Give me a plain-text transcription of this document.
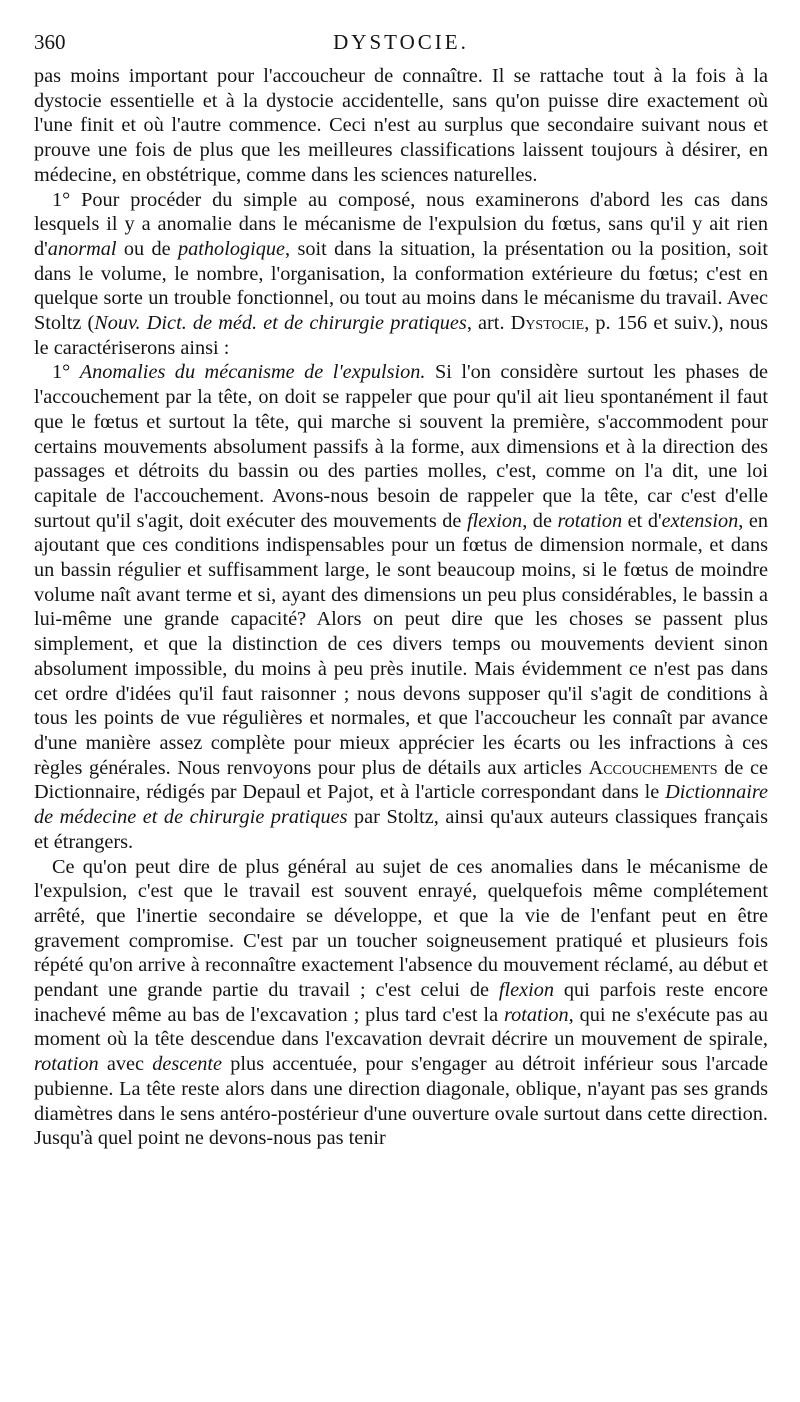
360	DYSTOCIE.

pas moins important pour l'accoucheur de connaître. Il se rattache tout à la fois à la dystocie essentielle et à la dystocie accidentelle, sans qu'on puisse dire exactement où l'une finit et où l'autre commence. Ceci n'est au surplus que secondaire suivant nous et prouve une fois de plus que les meilleures classifications laissent toujours à désirer, en médecine, en obstétrique, comme dans les sciences naturelles.

1° Pour procéder du simple au composé, nous examinerons d'abord les cas dans lesquels il y a anomalie dans le mécanisme de l'expulsion du fœtus, sans qu'il y ait rien d'anormal ou de pathologique, soit dans la situation, la présentation ou la position, soit dans le volume, le nombre, l'organisation, la conformation extérieure du fœtus; c'est en quelque sorte un trouble fonctionnel, ou tout au moins dans le mécanisme du travail. Avec Stoltz (Nouv. Dict. de méd. et de chirurgie pratiques, art. Dystocie, p. 156 et suiv.), nous le caractériserons ainsi :

1° Anomalies du mécanisme de l'expulsion. Si l'on considère surtout les phases de l'accouchement par la tête, on doit se rappeler que pour qu'il ait lieu spontanément il faut que le fœtus et surtout la tête, qui marche si souvent la première, s'accommodent pour certains mouvements absolument passifs à la forme, aux dimensions et à la direction des passages et détroits du bassin ou des parties molles, c'est, comme on l'a dit, une loi capitale de l'accouchement. Avons-nous besoin de rappeler que la tête, car c'est d'elle surtout qu'il s'agit, doit exécuter des mouvements de flexion, de rotation et d'extension, en ajoutant que ces conditions indispensables pour un fœtus de dimension normale, et dans un bassin régulier et suffisamment large, le sont beaucoup moins, si le fœtus de moindre volume naît avant terme et si, ayant des dimensions un peu plus considérables, le bassin a lui-même une grande capacité? Alors on peut dire que les choses se passent plus simplement, et que la distinction de ces divers temps ou mouvements devient sinon absolument impossible, du moins à peu près inutile. Mais évidemment ce n'est pas dans cet ordre d'idées qu'il faut raisonner ; nous devons supposer qu'il s'agit de conditions à tous les points de vue régulières et normales, et que l'accoucheur les connaît par avance d'une manière assez complète pour mieux apprécier les écarts ou les infractions à ces règles générales. Nous renvoyons pour plus de détails aux articles Accouchements de ce Dictionnaire, rédigés par Depaul et Pajot, et à l'article correspondant dans le Dictionnaire de médecine et de chirurgie pratiques par Stoltz, ainsi qu'aux auteurs classiques français et étrangers.

Ce qu'on peut dire de plus général au sujet de ces anomalies dans le mécanisme de l'expulsion, c'est que le travail est souvent enrayé, quelquefois même complétement arrêté, que l'inertie secondaire se développe, et que la vie de l'enfant peut en être gravement compromise. C'est par un toucher soigneusement pratiqué et plusieurs fois répété qu'on arrive à reconnaître exactement l'absence du mouvement réclamé, au début et pendant une grande partie du travail ; c'est celui de flexion qui parfois reste encore inachevé même au bas de l'excavation ; plus tard c'est la rotation, qui ne s'exécute pas au moment où la tête descendue dans l'excavation devrait décrire un mouvement de spirale, rotation avec descente plus accentuée, pour s'engager au détroit inférieur sous l'arcade pubienne. La tête reste alors dans une direction diagonale, oblique, n'ayant pas ses grands diamètres dans le sens antéro-postérieur d'une ouverture ovale surtout dans cette direction. Jusqu'à quel point ne devons-nous pas tenir
